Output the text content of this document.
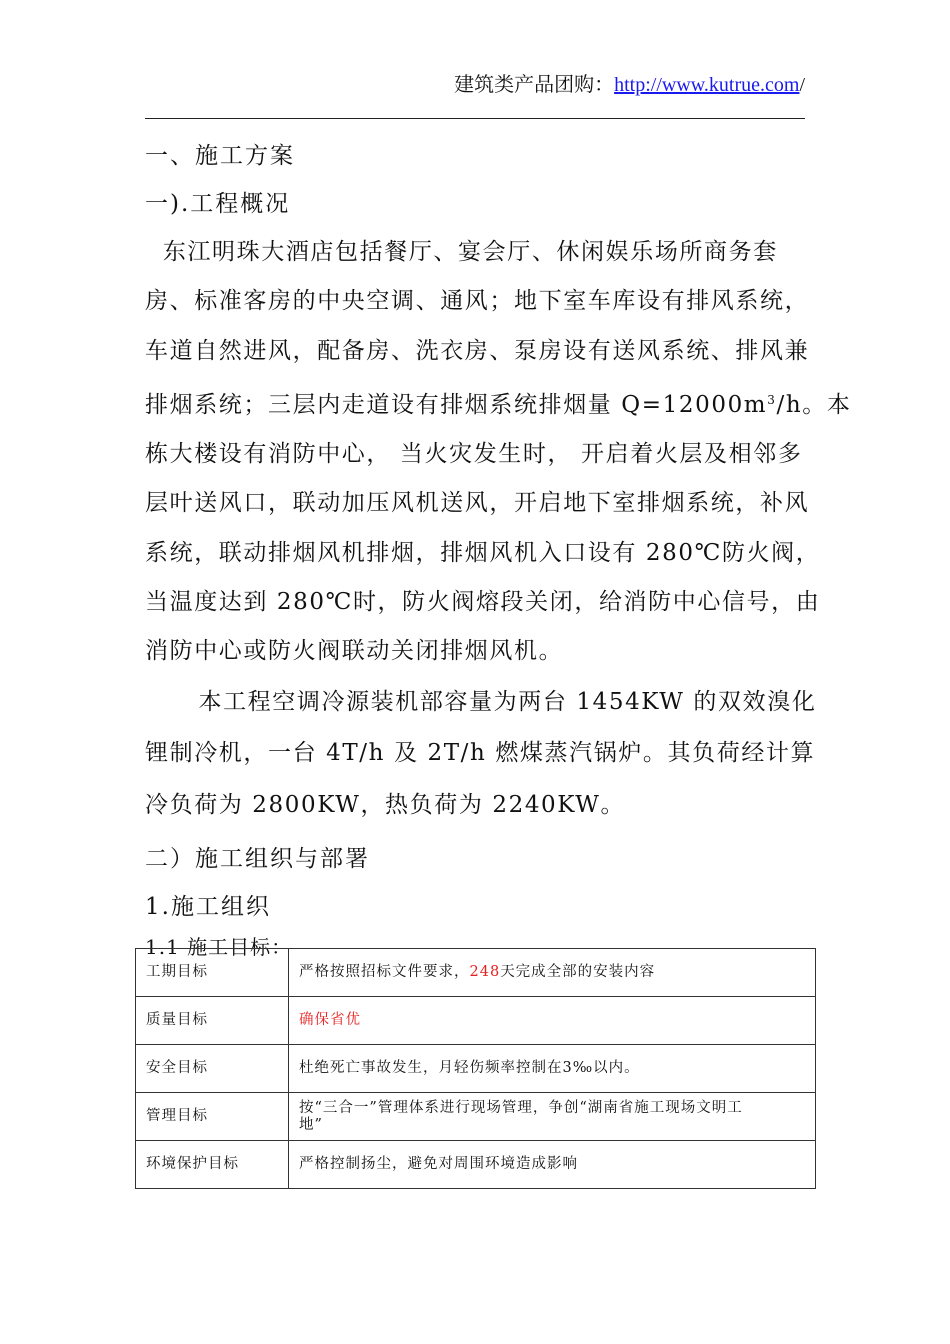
建筑类产品团购：http://www.kutrue.com/
一、施工方案
一).工程概况

东江明珠大酒店包括餐厅、宴会厅、休闲娱乐场所商务套
房、标准客房的中央空调、通风；地下室车库设有排风系统，
车道自然进风，配备房、洗衣房、泵房设有送风系统、排风兼
排烟系统；三层内走道设有排烟系统排烟量 $Q=12000m^3/h$。本
栋大楼设有消防中心， 当火灾发生时， 开启着火层及相邻多
层叶送风口，联动加压风机送风，开启地下室排烟系统，补风
系统，联动排烟风机排烟，排烟风机入口设有 280℃防火阀，
当温度达到 280℃时，防火阀熔段关闭，给消防中心信号，由
消防中心或防火阀联动关闭排烟风机。

本工程空调冷源装机部容量为两台 1454KW 的双效溴化
锂制冷机，一台 4T/h 及 2T/h 燃煤蒸汽锅炉。其负荷经计算
冷负荷为 2800KW，热负荷为 2240KW。

二）施工组织与部署
1.施工组织
1.1 施工目标：
工期目标	严格按照招标文件要求，248天完成全部的安装内容
质量目标	确保省优
安全目标	杜绝死亡事故发生，月轻伤频率控制在3‰以内。
管理目标	按“三合一”管理体系进行现场管理，争创“湖南省施工现场文明工
地”
环境保护目标	严格控制扬尘，避免对周围环境造成影响
